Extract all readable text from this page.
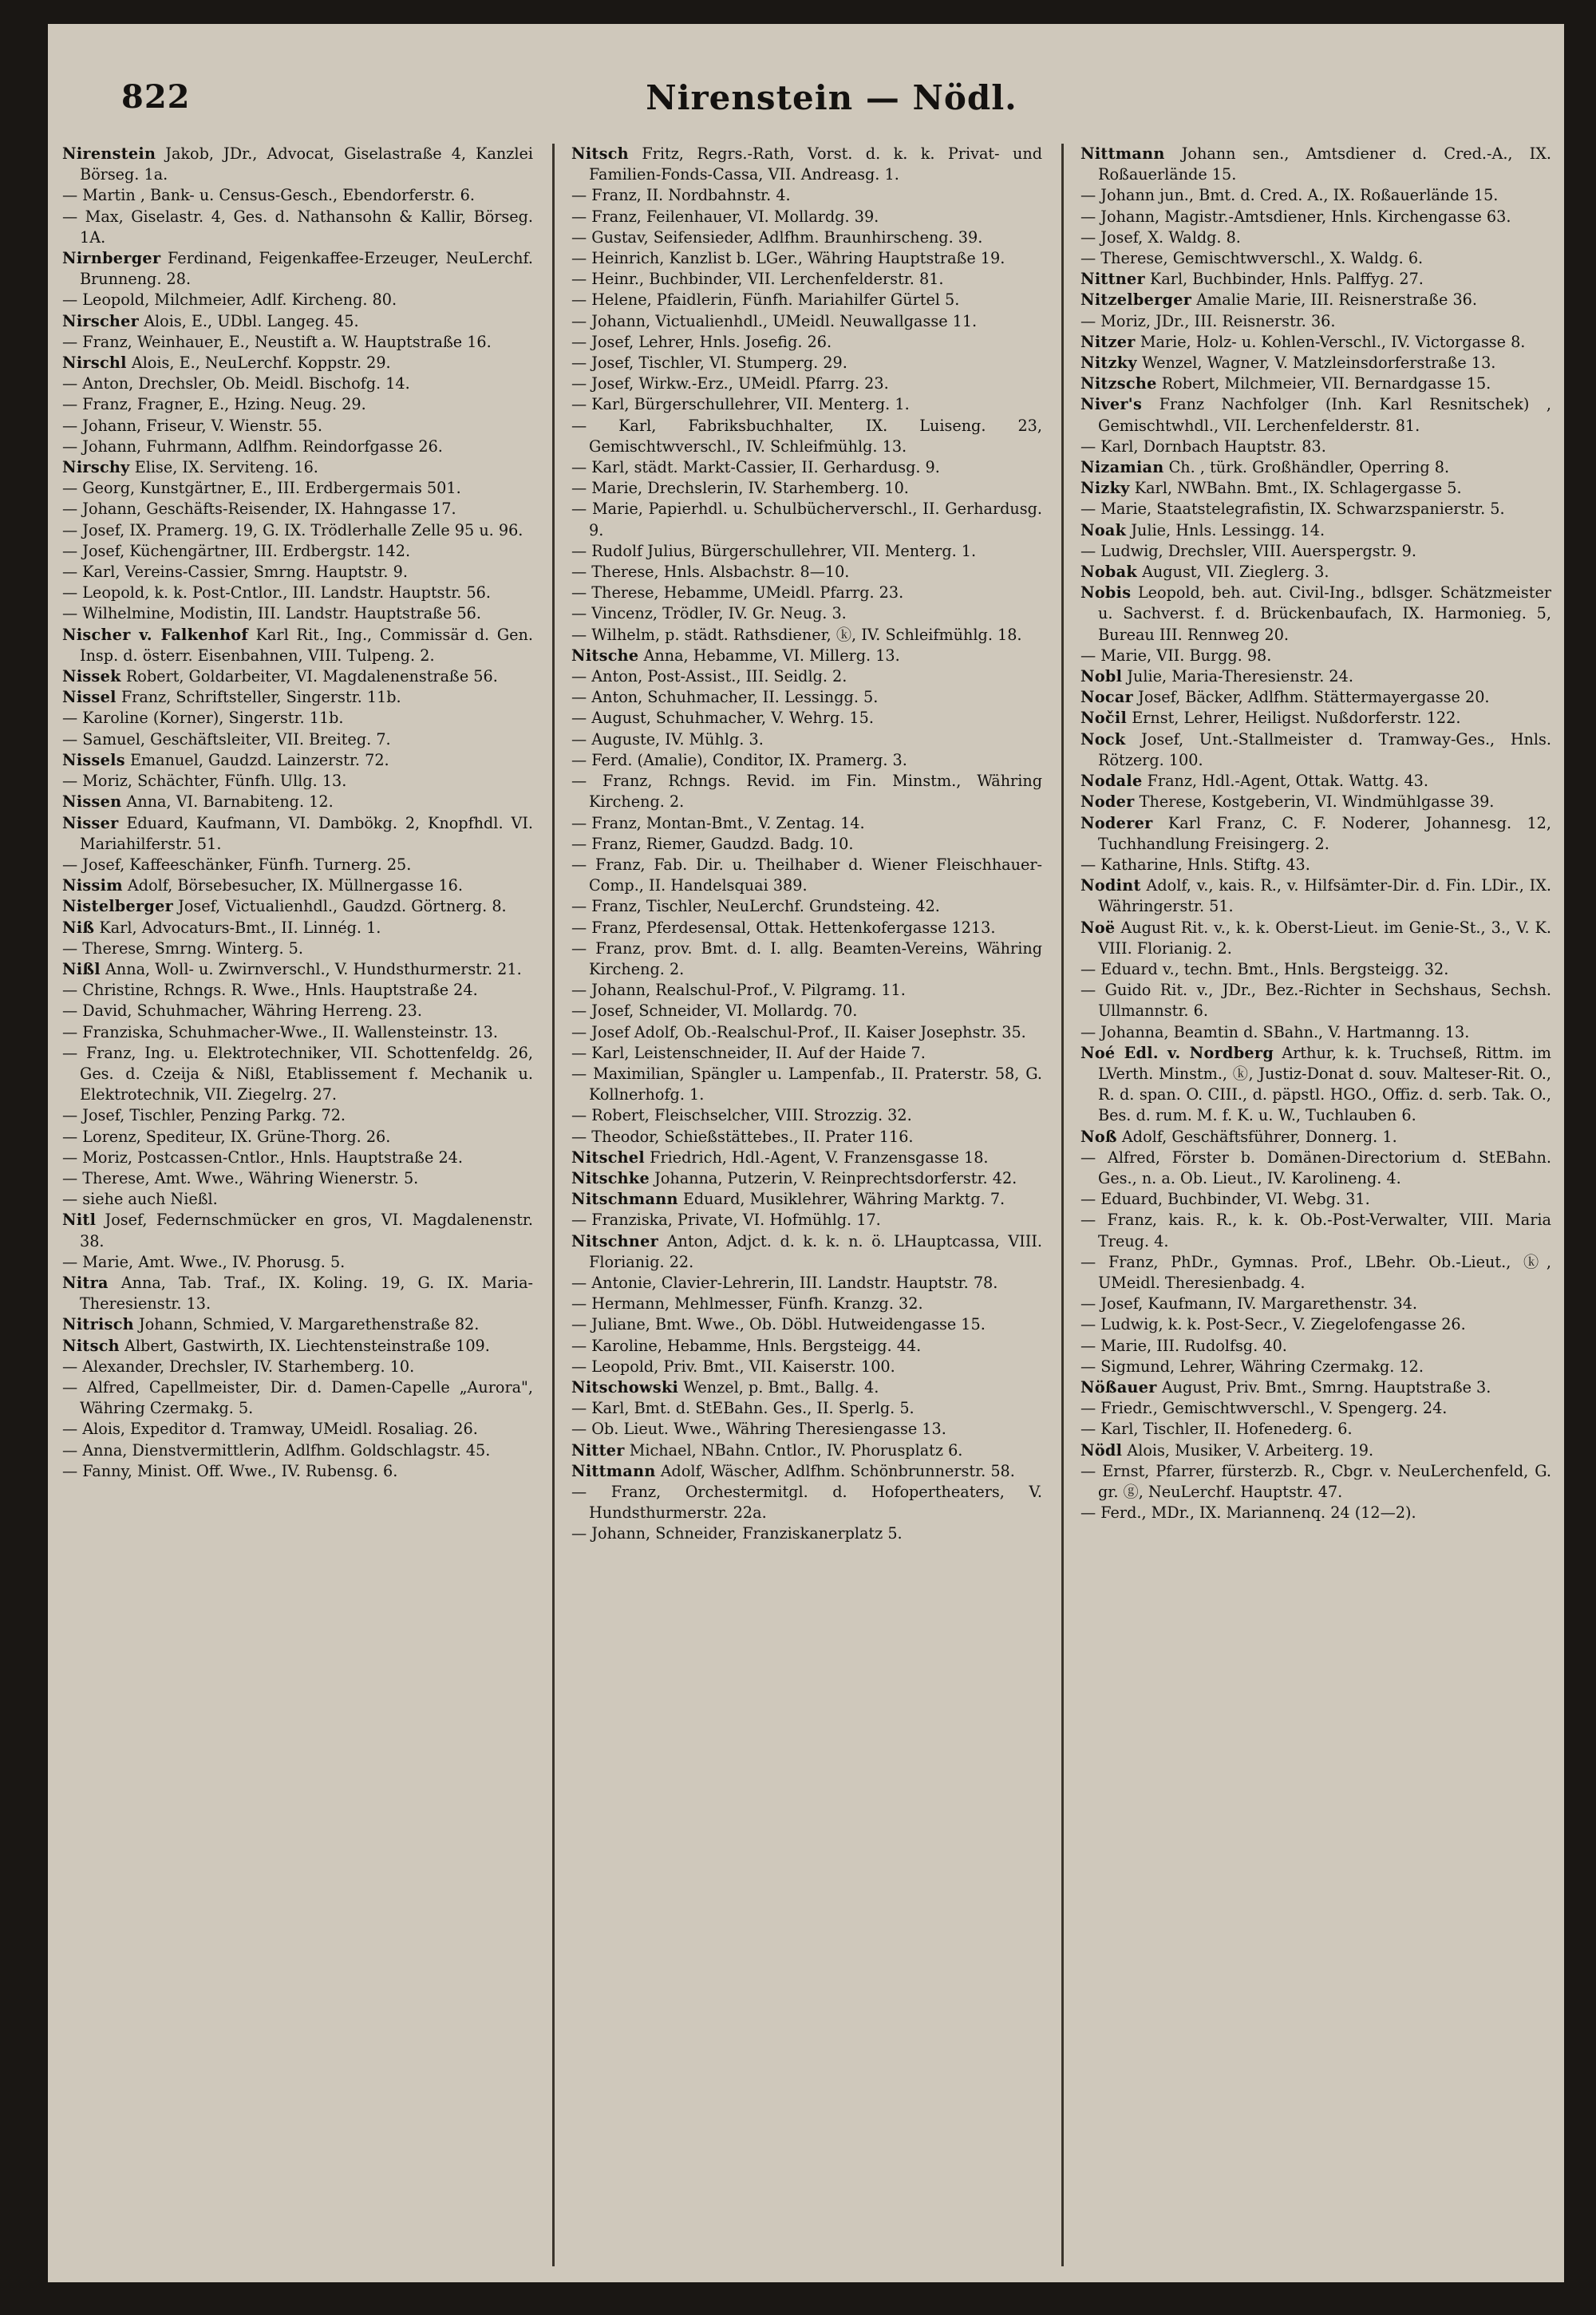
822	Nirenstein — Nödl.

Nirenstein Jakob, JDr., Advocat, Giselastraße 4, Kanzlei Börseg. 1a.

— Martin , Bank- u. Census-Gesch., Ebendorferstr. 6.

— Max, Giselastr. 4, Ges. d. Nathansohn & Kallir, Börseg. 1A.

Nirnberger Ferdinand, Feigenkaffee-Erzeuger, NeuLerchf. Brunneng. 28.

— Leopold, Milchmeier, Adlf. Kircheng. 80.

Nirscher Alois, E., UDbl. Langeg. 45.

— Franz, Weinhauer, E., Neustift a. W. Hauptstraße 16.

Nirschl Alois, E., NeuLerchf. Koppstr. 29.

— Anton, Drechsler, Ob. Meidl. Bischofg. 14.

— Franz, Fragner, E., Hzing. Neug. 29.

— Johann, Friseur, V. Wienstr. 55.

— Johann, Fuhrmann, Adlfhm. Reindorfgasse 26.

Nirschy Elise, IX. Serviteng. 16.

— Georg, Kunstgärtner, E., III. Erdbergermais 501.

— Johann, Geschäfts-Reisender, IX. Hahngasse 17.

— Josef, IX. Pramerg. 19, G. IX. Trödlerhalle Zelle 95 u. 96.

— Josef, Küchengärtner, III. Erdbergstr. 142.

— Karl, Vereins-Cassier, Smrng. Hauptstr. 9.

— Leopold, k. k. Post-Cntlor., III. Landstr. Hauptstr. 56.

— Wilhelmine, Modistin, III. Landstr. Hauptstraße 56.

Nischer v. Falkenhof Karl Rit., Ing., Commissär d. Gen. Insp. d. österr. Eisenbahnen, VIII. Tulpeng. 2.

Nissek Robert, Goldarbeiter, VI. Magdalenenstraße 56.

Nissel Franz, Schriftsteller, Singerstr. 11b.

— Karoline (Korner), Singerstr. 11b.

— Samuel, Geschäftsleiter, VII. Breiteg. 7.

Nissels Emanuel, Gaudzd. Lainzerstr. 72.

— Moriz, Schächter, Fünfh. Ullg. 13.

Nissen Anna, VI. Barnabiteng. 12.

Nisser Eduard, Kaufmann, VI. Dambökg. 2, Knopfhdl. VI. Mariahilferstr. 51.

— Josef, Kaffeeschänker, Fünfh. Turnerg. 25.

Nissim Adolf, Börsebesucher, IX. Müllnergasse 16.

Nistelberger Josef, Victualienhdl., Gaudzd. Görtnerg. 8.

Niß Karl, Advocaturs-Bmt., II. Linnég. 1.

— Therese, Smrng. Winterg. 5.

Nißl Anna, Woll- u. Zwirnverschl., V. Hundsthurmerstr. 21.

— Christine, Rchngs. R. Wwe., Hnls. Hauptstraße 24.

— David, Schuhmacher, Währing Herreng. 23.

— Franziska, Schuhmacher-Wwe., II. Wallensteinstr. 13.

— Franz, Ing. u. Elektrotechniker, VII. Schottenfeldg. 26, Ges. d. Czeija & Nißl, Etablissement f. Mechanik u. Elektrotechnik, VII. Ziegelrg. 27.

— Josef, Tischler, Penzing Parkg. 72.

— Lorenz, Spediteur, IX. Grüne-Thorg. 26.

— Moriz, Postcassen-Cntlor., Hnls. Hauptstraße 24.

— Therese, Amt. Wwe., Währing Wienerstr. 5.

— siehe auch Nießl.

Nitl Josef, Federnschmücker en gros, VI. Magdalenenstr. 38.

— Marie, Amt. Wwe., IV. Phorusg. 5.

Nitra Anna, Tab. Traf., IX. Koling. 19, G. IX. Maria-Theresienstr. 13.

Nitrisch Johann, Schmied, V. Margarethenstraße 82.

Nitsch Albert, Gastwirth, IX. Liechtensteinstraße 109.

— Alexander, Drechsler, IV. Starhemberg. 10.

— Alfred, Capellmeister, Dir. d. Damen-Capelle „Aurora", Währing Czermakg. 5.

— Alois, Expeditor d. Tramway, UMeidl. Rosaliag. 26.

— Anna, Dienstvermittlerin, Adlfhm. Goldschlagstr. 45.

— Fanny, Minist. Off. Wwe., IV. Rubensg. 6.

Nitsch Fritz, Regrs.-Rath, Vorst. d. k. k. Privat- und Familien-Fonds-Cassa, VII. Andreasg. 1.

— Franz, II. Nordbahnstr. 4.

— Franz, Feilenhauer, VI. Mollardg. 39.

— Gustav, Seifensieder, Adlfhm. Braunhirscheng. 39.

— Heinrich, Kanzlist b. LGer., Währing Hauptstraße 19.

— Heinr., Buchbinder, VII. Lerchenfelderstr. 81.

— Helene, Pfaidlerin, Fünfh. Mariahilfer Gürtel 5.

— Johann, Victualienhdl., UMeidl. Neuwallgasse 11.

— Josef, Lehrer, Hnls. Josefig. 26.

— Josef, Tischler, VI. Stumperg. 29.

— Josef, Wirkw.-Erz., UMeidl. Pfarrg. 23.

— Karl, Bürgerschullehrer, VII. Menterg. 1.

— Karl, Fabriksbuchhalter, IX. Luiseng. 23, Gemischtwverschl., IV. Schleifmühlg. 13.

— Karl, städt. Markt-Cassier, II. Gerhardusg. 9.

— Marie, Drechslerin, IV. Starhemberg. 10.

— Marie, Papierhdl. u. Schulbücherverschl., II. Gerhardusg. 9.

— Rudolf Julius, Bürgerschullehrer, VII. Menterg. 1.

— Therese, Hnls. Alsbachstr. 8—10.

— Therese, Hebamme, UMeidl. Pfarrg. 23.

— Vincenz, Trödler, IV. Gr. Neug. 3.

— Wilhelm, p. städt. Rathsdiener, ⓚ, IV. Schleifmühlg. 18.

Nitsche Anna, Hebamme, VI. Millerg. 13.

— Anton, Post-Assist., III. Seidlg. 2.

— Anton, Schuhmacher, II. Lessingg. 5.

— August, Schuhmacher, V. Wehrg. 15.

— Auguste, IV. Mühlg. 3.

— Ferd. (Amalie), Conditor, IX. Pramerg. 3.

— Franz, Rchngs. Revid. im Fin. Minstm., Währing Kircheng. 2.

— Franz, Montan-Bmt., V. Zentag. 14.

— Franz, Riemer, Gaudzd. Badg. 10.

— Franz, Fab. Dir. u. Theilhaber d. Wiener Fleischhauer-Comp., II. Handelsquai 389.

— Franz, Tischler, NeuLerchf. Grundsteing. 42.

— Franz, Pferdesensal, Ottak. Hettenkofergasse 1213.

— Franz, prov. Bmt. d. I. allg. Beamten-Vereins, Währing Kircheng. 2.

— Johann, Realschul-Prof., V. Pilgramg. 11.

— Josef, Schneider, VI. Mollardg. 70.

— Josef Adolf, Ob.-Realschul-Prof., II. Kaiser Josephstr. 35.

— Karl, Leistenschneider, II. Auf der Haide 7.

— Maximilian, Spängler u. Lampenfab., II. Praterstr. 58, G. Kollnerhofg. 1.

— Robert, Fleischselcher, VIII. Strozzig. 32.

— Theodor, Schießstättebes., II. Prater 116.

Nitschel Friedrich, Hdl.-Agent, V. Franzensgasse 18.

Nitschke Johanna, Putzerin, V. Reinprechtsdorferstr. 42.

Nitschmann Eduard, Musiklehrer, Währing Marktg. 7.

— Franziska, Private, VI. Hofmühlg. 17.

Nitschner Anton, Adjct. d. k. k. n. ö. LHauptcassa, VIII. Florianig. 22.

— Antonie, Clavier-Lehrerin, III. Landstr. Hauptstr. 78.

— Hermann, Mehlmesser, Fünfh. Kranzg. 32.

— Juliane, Bmt. Wwe., Ob. Döbl. Hutweidengasse 15.

— Karoline, Hebamme, Hnls. Bergsteigg. 44.

— Leopold, Priv. Bmt., VII. Kaiserstr. 100.

Nitschowski Wenzel, p. Bmt., Ballg. 4.

— Karl, Bmt. d. StEBahn. Ges., II. Sperlg. 5.

— Ob. Lieut. Wwe., Währing Theresiengasse 13.

Nitter Michael, NBahn. Cntlor., IV. Phorusplatz 6.

Nittmann Adolf, Wäscher, Adlfhm. Schönbrunnerstr. 58.

— Franz, Orchestermitgl. d. Hofopertheaters, V. Hundsthurmerstr. 22a.

— Johann, Schneider, Franziskanerplatz 5.

Nittmann Johann sen., Amtsdiener d. Cred.-A., IX. Roßauerlände 15.

— Johann jun., Bmt. d. Cred. A., IX. Roßauerlände 15.

— Johann, Magistr.-Amtsdiener, Hnls. Kirchengasse 63.

— Josef, X. Waldg. 8.

— Therese, Gemischtwverschl., X. Waldg. 6.

Nittner Karl, Buchbinder, Hnls. Palffyg. 27.

Nitzelberger Amalie Marie, III. Reisnerstraße 36.

— Moriz, JDr., III. Reisnerstr. 36.

Nitzer Marie, Holz- u. Kohlen-Verschl., IV. Victorgasse 8.

Nitzky Wenzel, Wagner, V. Matzleinsdorferstraße 13.

Nitzsche Robert, Milchmeier, VII. Bernardgasse 15.

Niver's Franz Nachfolger (Inh. Karl Resnitschek) , Gemischtwhdl., VII. Lerchenfelderstr. 81.

— Karl, Dornbach Hauptstr. 83.

Nizamian Ch. , türk. Großhändler, Operring 8.

Nizky Karl, NWBahn. Bmt., IX. Schlagergasse 5.

— Marie, Staatstelegrafistin, IX. Schwarzspanierstr. 5.

Noak Julie, Hnls. Lessingg. 14.

— Ludwig, Drechsler, VIII. Auerspergstr. 9.

Nobak August, VII. Zieglerg. 3.

Nobis Leopold, beh. aut. Civil-Ing., bdlsger. Schätzmeister u. Sachverst. f. d. Brückenbaufach, IX. Harmonieg. 5, Bureau III. Rennweg 20.

— Marie, VII. Burgg. 98.

Nobl Julie, Maria-Theresienstr. 24.

Nocar Josef, Bäcker, Adlfhm. Stättermayergasse 20.

Nočil Ernst, Lehrer, Heiligst. Nußdorferstr. 122.

Nock Josef, Unt.-Stallmeister d. Tramway-Ges., Hnls. Rötzerg. 100.

Nodale Franz, Hdl.-Agent, Ottak. Wattg. 43.

Noder Therese, Kostgeberin, VI. Windmühlgasse 39.

Noderer Karl Franz, C. F. Noderer, Johannesg. 12, Tuchhandlung Freisingerg. 2.

— Katharine, Hnls. Stiftg. 43.

Nodint Adolf, v., kais. R., v. Hilfsämter-Dir. d. Fin. LDir., IX. Währingerstr. 51.

Noë August Rit. v., k. k. Oberst-Lieut. im Genie-St., 3., V. K. VIII. Florianig. 2.

— Eduard v., techn. Bmt., Hnls. Bergsteigg. 32.

— Guido Rit. v., JDr., Bez.-Richter in Sechshaus, Sechsh. Ullmannstr. 6.

— Johanna, Beamtin d. SBahn., V. Hartmanng. 13.

Noé Edl. v. Nordberg Arthur, k. k. Truchseß, Rittm. im LVerth. Minstm., ⓚ, Justiz-Donat d. souv. Malteser-Rit. O., R. d. span. O. CIII., d. päpstl. HGO., Offiz. d. serb. Tak. O., Bes. d. rum. M. f. K. u. W., Tuchlauben 6.

Noß Adolf, Geschäftsführer, Donnerg. 1.

— Alfred, Förster b. Domänen-Directorium d. StEBahn. Ges., n. a. Ob. Lieut., IV. Karolineng. 4.

— Eduard, Buchbinder, VI. Webg. 31.

— Franz, kais. R., k. k. Ob.-Post-Verwalter, VIII. Maria Treug. 4.

— Franz, PhDr., Gymnas. Prof., LBehr. Ob.-Lieut., ⓚ, UMeidl. Theresienbadg. 4.

— Josef, Kaufmann, IV. Margarethenstr. 34.

— Ludwig, k. k. Post-Secr., V. Ziegelofengasse 26.

— Marie, III. Rudolfsg. 40.

— Sigmund, Lehrer, Währing Czermakg. 12.

Nößauer August, Priv. Bmt., Smrng. Hauptstraße 3.

— Friedr., Gemischtwverschl., V. Spengerg. 24.

— Karl, Tischler, II. Hofenederg. 6.

Nödl Alois, Musiker, V. Arbeiterg. 19.

— Ernst, Pfarrer, fürsterzb. R., Cbgr. v. NeuLerchenfeld, G. gr. ⓖ, NeuLerchf. Hauptstr. 47.

— Ferd., MDr., IX. Mariannenq. 24 (12—2).
